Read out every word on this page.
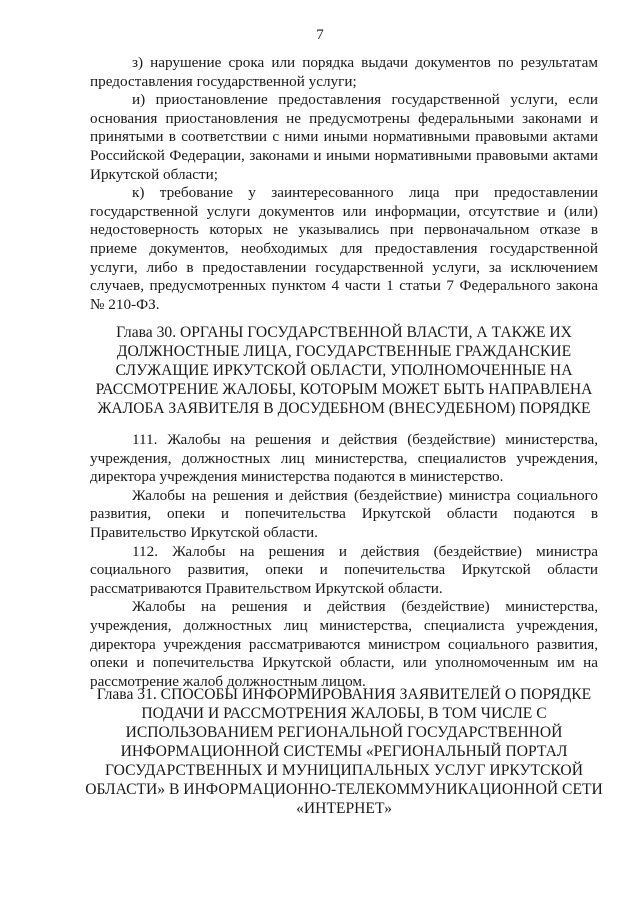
7

з) нарушение срока или порядка выдачи документов по результатам предоставления государственной услуги;

и) приостановление предоставления государственной услуги, если основания приостановления не предусмотрены федеральными законами и принятыми в соответствии с ними иными нормативными правовыми актами Российской Федерации, законами и иными нормативными правовыми актами Иркутской области;

к) требование у заинтересованного лица при предоставлении государственной услуги документов или информации, отсутствие и (или) недостоверность которых не указывались при первоначальном отказе в приеме документов, необходимых для предоставления государственной услуги, либо в предоставлении государственной услуги, за исключением случаев, предусмотренных пунктом 4 части 1 статьи 7 Федерального закона № 210-ФЗ.

Глава 30. ОРГАНЫ ГОСУДАРСТВЕННОЙ ВЛАСТИ, А ТАКЖЕ ИХ ДОЛЖНОСТНЫЕ ЛИЦА, ГОСУДАРСТВЕННЫЕ ГРАЖДАНСКИЕ СЛУЖАЩИЕ ИРКУТСКОЙ ОБЛАСТИ, УПОЛНОМОЧЕННЫЕ НА РАССМОТРЕНИЕ ЖАЛОБЫ, КОТОРЫМ МОЖЕТ БЫТЬ НАПРАВЛЕНА ЖАЛОБА ЗАЯВИТЕЛЯ В ДОСУДЕБНОМ (ВНЕСУДЕБНОМ) ПОРЯДКЕ

111. Жалобы на решения и действия (бездействие) министерства, учреждения, должностных лиц министерства, специалистов учреждения, директора учреждения министерства подаются в министерство.

Жалобы на решения и действия (бездействие) министра социального развития, опеки и попечительства Иркутской области подаются в Правительство Иркутской области.

112. Жалобы на решения и действия (бездействие) министра социального развития, опеки и попечительства Иркутской области рассматриваются Правительством Иркутской области.

Жалобы на решения и действия (бездействие) министерства, учреждения, должностных лиц министерства, специалиста учреждения, директора учреждения рассматриваются министром социального развития, опеки и попечительства Иркутской области, или уполномоченным им на рассмотрение жалоб должностным лицом.

Глава 31. СПОСОБЫ ИНФОРМИРОВАНИЯ ЗАЯВИТЕЛЕЙ О ПОРЯДКЕ ПОДАЧИ И РАССМОТРЕНИЯ ЖАЛОБЫ, В ТОМ ЧИСЛЕ С ИСПОЛЬЗОВАНИЕМ РЕГИОНАЛЬНОЙ ГОСУДАРСТВЕННОЙ ИНФОРМАЦИОННОЙ СИСТЕМЫ «РЕГИОНАЛЬНЫЙ ПОРТАЛ ГОСУДАРСТВЕННЫХ И МУНИЦИПАЛЬНЫХ УСЛУГ ИРКУТСКОЙ ОБЛАСТИ» В ИНФОРМАЦИОННО-ТЕЛЕКОММУНИКАЦИОННОЙ СЕТИ «ИНТЕРНЕТ»
